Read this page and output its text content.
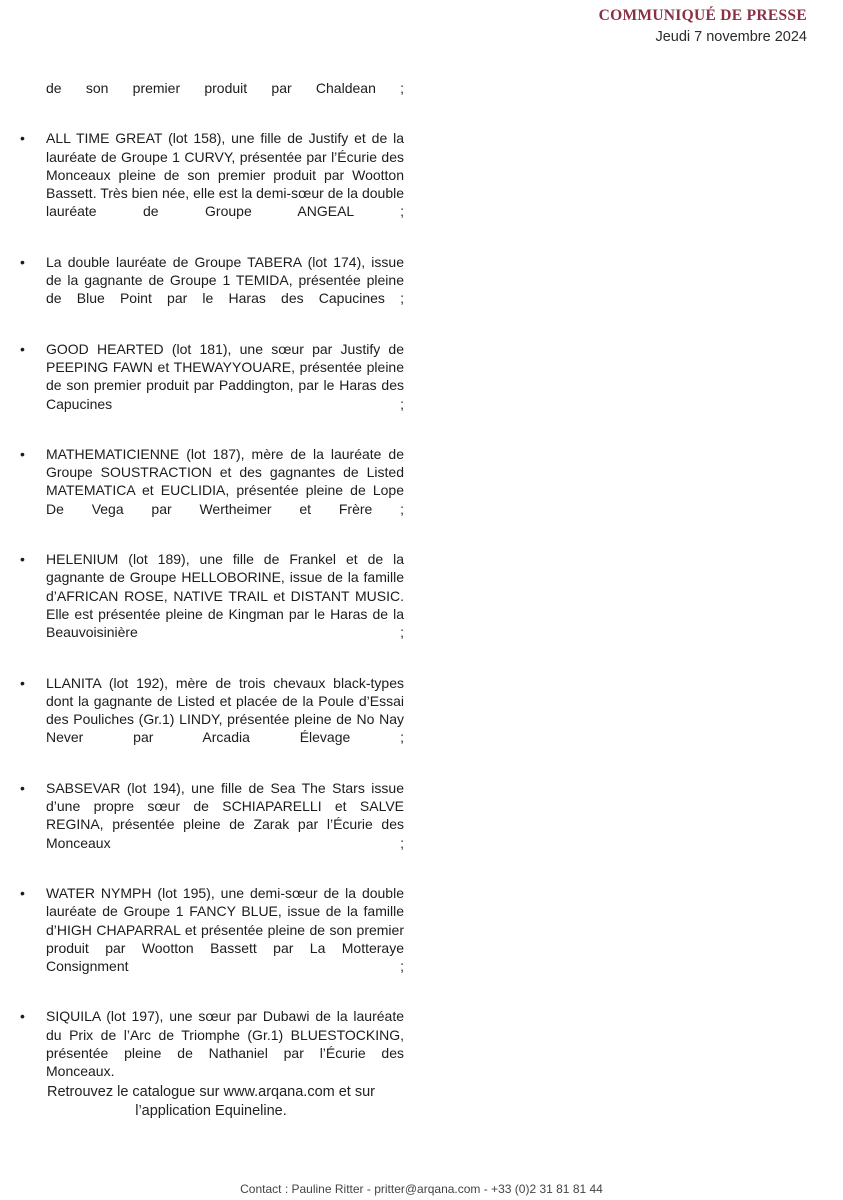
COMMUNIQUÉ DE PRESSE
Jeudi 7 novembre 2024

de son premier produit par Chaldean ;

• ALL TIME GREAT (lot 158), une fille de Justify et de la lauréate de Groupe 1 CURVY, présentée par l’Écurie des Monceaux pleine de son premier produit par Wootton Bassett. Très bien née, elle est la demi-sœur de la double lauréate de Groupe ANGEAL ;

• La double lauréate de Groupe TABERA (lot 174), issue de la gagnante de Groupe 1 TEMIDA, présentée pleine de Blue Point par le Haras des Capucines ;

• GOOD HEARTED (lot 181), une sœur par Justify de PEEPING FAWN et THEWAYYOUARE, présentée pleine de son premier produit par Paddington, par le Haras des Capucines ;

• MATHEMATICIENNE (lot 187), mère de la lauréate de Groupe SOUSTRACTION et des gagnantes de Listed MATEMATICA et EUCLIDIA, présentée pleine de Lope De Vega par Wertheimer et Frère ;

• HELENIUM (lot 189), une fille de Frankel et de la gagnante de Groupe HELLOBORINE, issue de la famille d’AFRICAN ROSE, NATIVE TRAIL et DISTANT MUSIC. Elle est présentée pleine de Kingman par le Haras de la Beauvoisinière ;

• LLANITA (lot 192), mère de trois chevaux black-types dont la gagnante de Listed et placée de la Poule d’Essai des Pouliches (Gr.1) LINDY, présentée pleine de No Nay Never par Arcadia Élevage ;

• SABSEVAR (lot 194), une fille de Sea The Stars issue d’une propre sœur de SCHIAPARELLI et SALVE REGINA, présentée pleine de Zarak par l’Écurie des Monceaux ;

• WATER NYMPH (lot 195), une demi-sœur de la double lauréate de Groupe 1 FANCY BLUE, issue de la famille d’HIGH CHAPARRAL et présentée pleine de son premier produit par Wootton Bassett par La Motteraye Consignment ;

• SIQUILA (lot 197), une sœur par Dubawi de la lauréate du Prix de l’Arc de Triomphe (Gr.1) BLUESTOCKING, présentée pleine de Nathaniel par l’Écurie des Monceaux.

Retrouvez le catalogue sur www.arqana.com et sur
l’application Equineline.
Contact : Pauline Ritter - pritter@arqana.com - +33 (0)2 31 81 81 44
